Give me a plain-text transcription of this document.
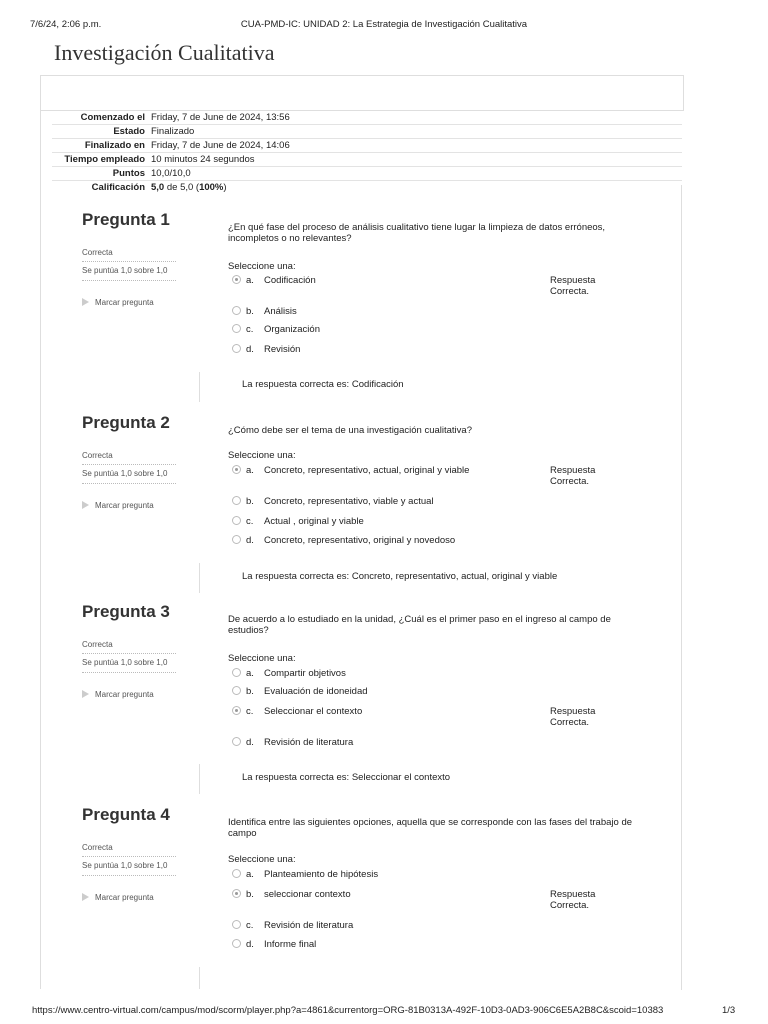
7/6/24, 2:06 p.m.	CUA-PMD-IC: UNIDAD 2: La Estrategia de Investigación Cualitativa
Investigación Cualitativa
Comenzado el	Friday, 7 de June de 2024, 13:56
Estado	Finalizado
Finalizado en	Friday, 7 de June de 2024, 14:06
Tiempo empleado	10 minutos 24 segundos
Puntos	10,0/10,0
Calificación	5,0 de 5,0 (100%)
Pregunta 1
Correcta
Se puntúa 1,0 sobre 1,0
Marcar pregunta
¿En qué fase del proceso de análisis cualitativo tiene lugar la limpieza de datos erróneos, incompletos o no relevantes?
Seleccione una:
a. Codificación	Respuesta Correcta.
b. Análisis
c. Organización
d. Revisión
La respuesta correcta es: Codificación
Pregunta 2
Correcta
Se puntúa 1,0 sobre 1,0
Marcar pregunta
¿Cómo debe ser el tema de una investigación cualitativa?
Seleccione una:
a. Concreto, representativo, actual, original y viable	Respuesta Correcta.
b. Concreto, representativo, viable y actual
c. Actual , original y viable
d. Concreto, representativo, original y novedoso
La respuesta correcta es: Concreto, representativo, actual, original y viable
Pregunta 3
Correcta
Se puntúa 1,0 sobre 1,0
Marcar pregunta
De acuerdo a lo estudiado en la unidad, ¿Cuál es el primer paso en el ingreso al campo de estudios?
Seleccione una:
a. Compartir objetivos
b. Evaluación de idoneidad
c. Seleccionar el contexto	Respuesta Correcta.
d. Revisión de literatura
La respuesta correcta es: Seleccionar el contexto
Pregunta 4
Correcta
Se puntúa 1,0 sobre 1,0
Marcar pregunta
Identifica entre las siguientes opciones, aquella que se corresponde con las fases del trabajo de campo
Seleccione una:
a. Planteamiento de hipótesis
b. seleccionar contexto	Respuesta Correcta.
c. Revisión de literatura
d. Informe final
https://www.centro-virtual.com/campus/mod/scorm/player.php?a=4861&currentorg=ORG-81B0313A-492F-10D3-0AD3-906C6E5A2B8C&scoid=10383	1/3
